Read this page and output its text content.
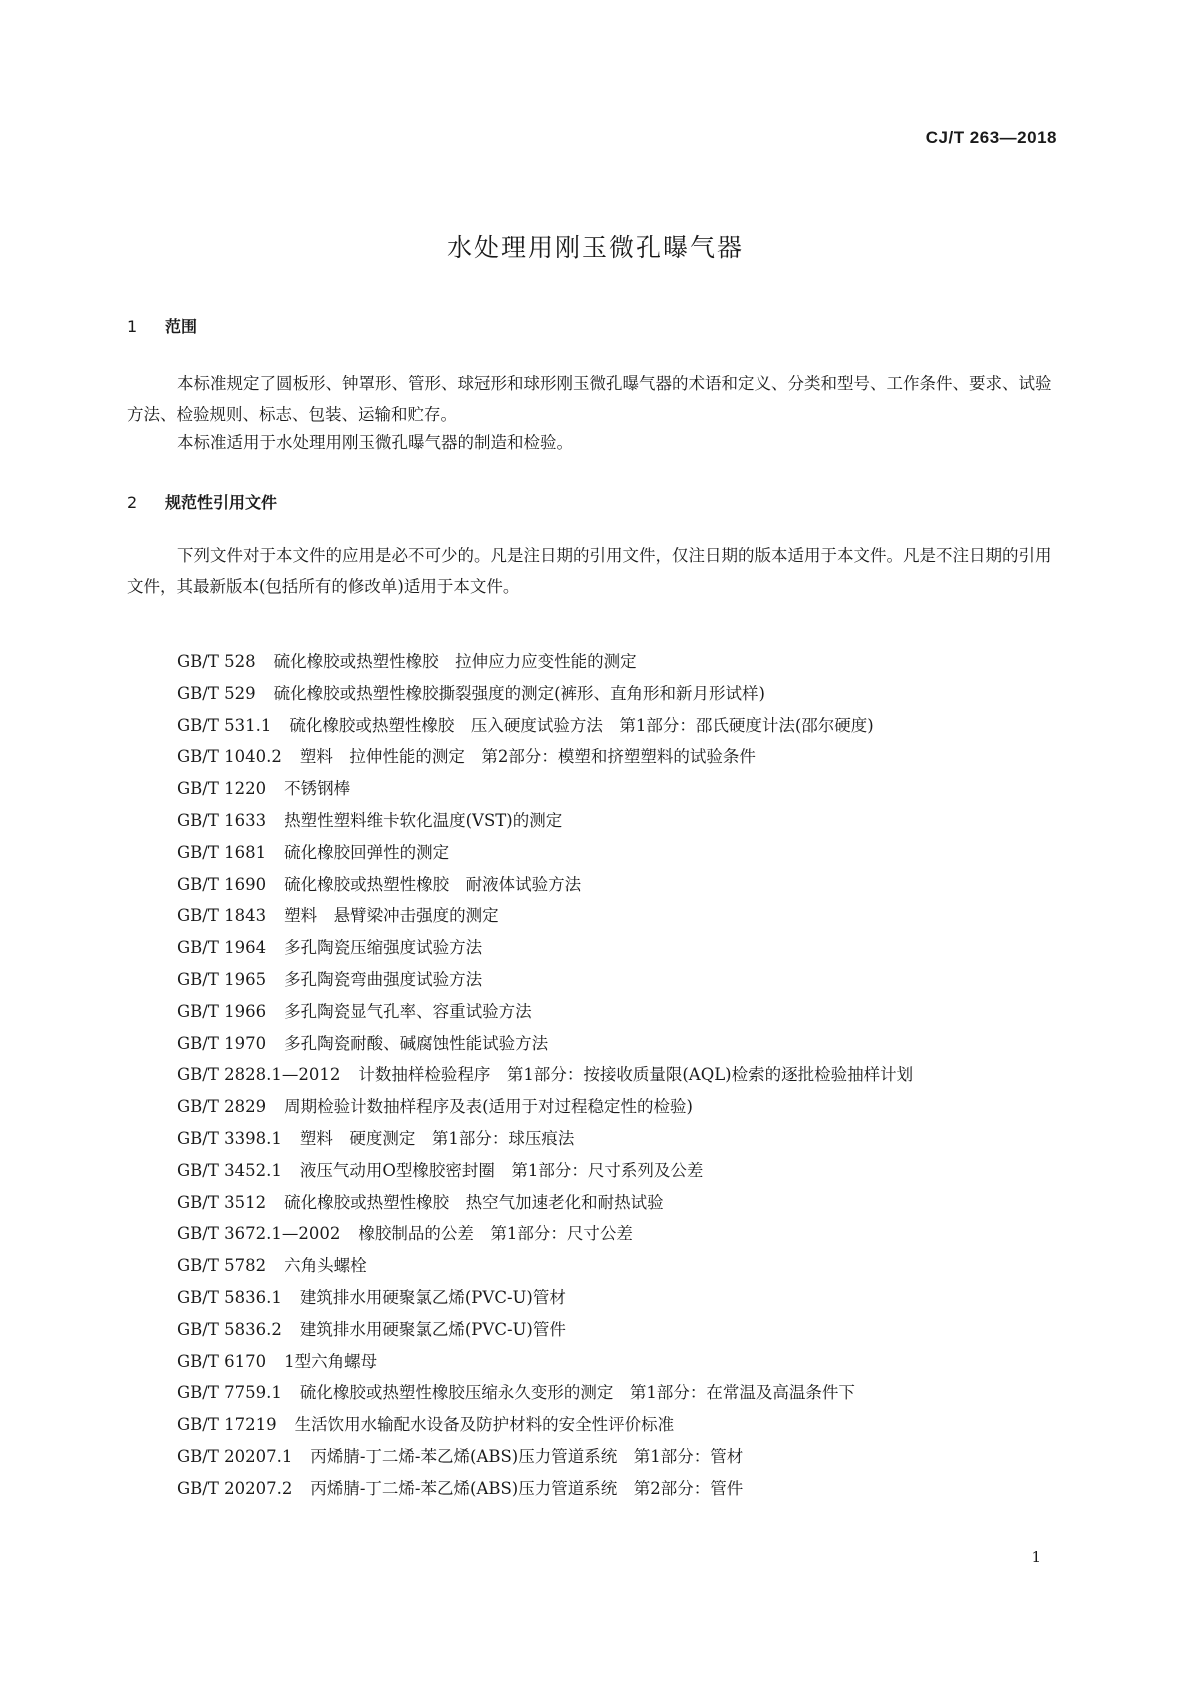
CJ/T 263—2018
水处理用刚玉微孔曝气器
1 范围
本标准规定了圆板形、钟罩形、管形、球冠形和球形刚玉微孔曝气器的术语和定义、分类和型号、工作条件、要求、试验方法、检验规则、标志、包装、运输和贮存。
本标准适用于水处理用刚玉微孔曝气器的制造和检验。
2 规范性引用文件
下列文件对于本文件的应用是必不可少的。凡是注日期的引用文件，仅注日期的版本适用于本文件。凡是不注日期的引用文件，其最新版本(包括所有的修改单)适用于本文件。
GB/T 528 硫化橡胶或热塑性橡胶　拉伸应力应变性能的测定
GB/T 529 硫化橡胶或热塑性橡胶撕裂强度的测定(裤形、直角形和新月形试样)
GB/T 531.1 硫化橡胶或热塑性橡胶　压入硬度试验方法　第1部分：邵氏硬度计法(邵尔硬度)
GB/T 1040.2 塑料　拉伸性能的测定　第2部分：模塑和挤塑塑料的试验条件
GB/T 1220 不锈钢棒
GB/T 1633 热塑性塑料维卡软化温度(VST)的测定
GB/T 1681 硫化橡胶回弹性的测定
GB/T 1690 硫化橡胶或热塑性橡胶　耐液体试验方法
GB/T 1843 塑料　悬臂梁冲击强度的测定
GB/T 1964 多孔陶瓷压缩强度试验方法
GB/T 1965 多孔陶瓷弯曲强度试验方法
GB/T 1966 多孔陶瓷显气孔率、容重试验方法
GB/T 1970 多孔陶瓷耐酸、碱腐蚀性能试验方法
GB/T 2828.1—2012 计数抽样检验程序　第1部分：按接收质量限(AQL)检索的逐批检验抽样计划
GB/T 2829 周期检验计数抽样程序及表(适用于对过程稳定性的检验)
GB/T 3398.1 塑料　硬度测定　第1部分：球压痕法
GB/T 3452.1 液压气动用O型橡胶密封圈　第1部分：尺寸系列及公差
GB/T 3512 硫化橡胶或热塑性橡胶　热空气加速老化和耐热试验
GB/T 3672.1—2002 橡胶制品的公差　第1部分：尺寸公差
GB/T 5782 六角头螺栓
GB/T 5836.1 建筑排水用硬聚氯乙烯(PVC-U)管材
GB/T 5836.2 建筑排水用硬聚氯乙烯(PVC-U)管件
GB/T 6170 1型六角螺母
GB/T 7759.1 硫化橡胶或热塑性橡胶压缩永久变形的测定　第1部分：在常温及高温条件下
GB/T 17219 生活饮用水输配水设备及防护材料的安全性评价标准
GB/T 20207.1 丙烯腈-丁二烯-苯乙烯(ABS)压力管道系统　第1部分：管材
GB/T 20207.2 丙烯腈-丁二烯-苯乙烯(ABS)压力管道系统　第2部分：管件
1
